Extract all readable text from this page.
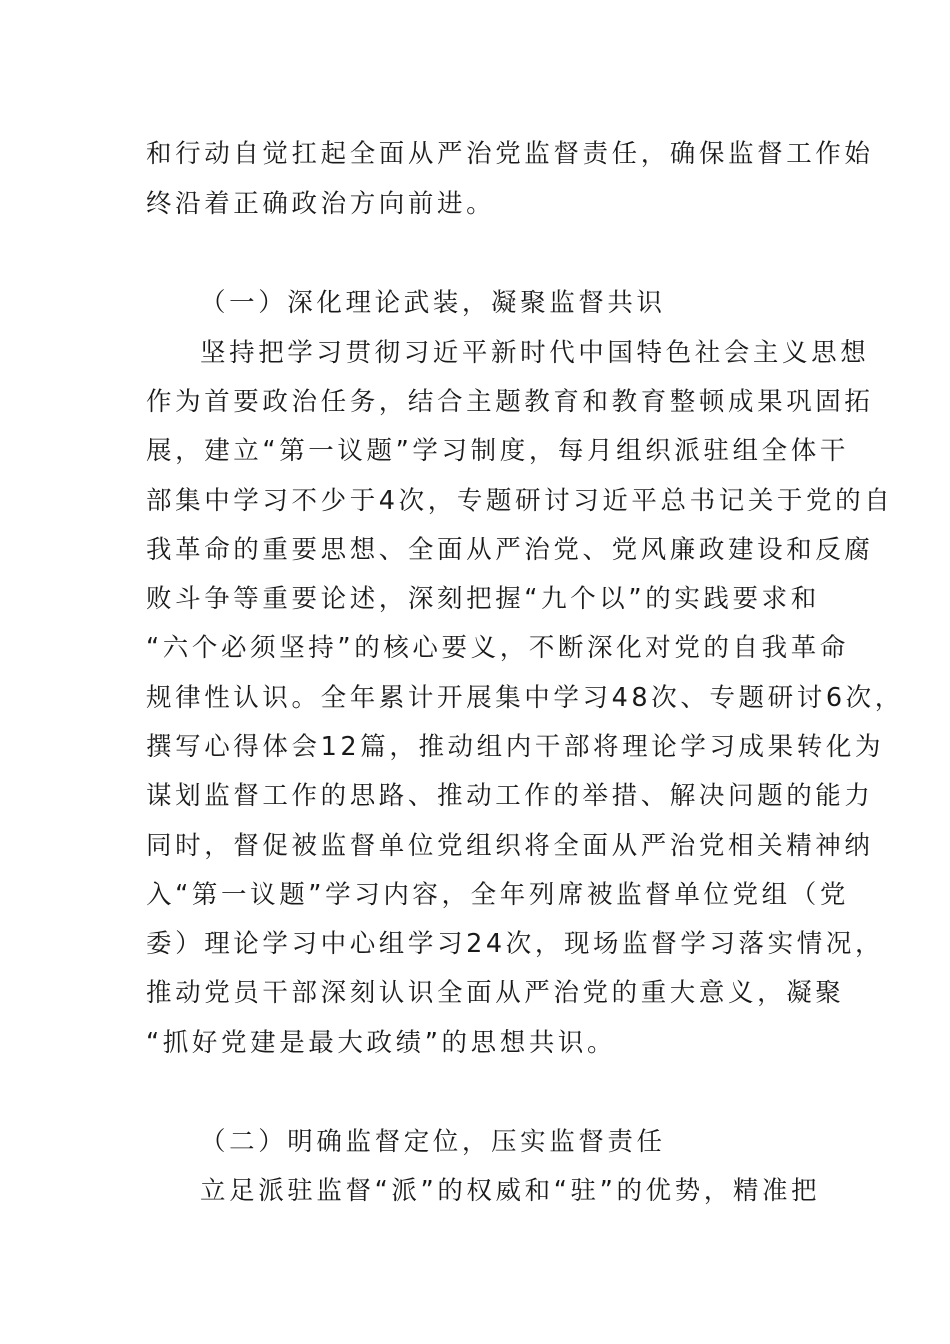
和行动自觉扛起全面从严治党监督责任，确保监督工作始
终沿着正确政治方向前进。
（一）深化理论武装，凝聚监督共识
坚持把学习贯彻习近平新时代中国特色社会主义思想
作为首要政治任务，结合主题教育和教育整顿成果巩固拓
展，建立“第一议题”学习制度，每月组织派驻组全体干
部集中学习不少于4次，专题研讨习近平总书记关于党的自
我革命的重要思想、全面从严治党、党风廉政建设和反腐
败斗争等重要论述，深刻把握“九个以”的实践要求和
“六个必须坚持”的核心要义，不断深化对党的自我革命
规律性认识。全年累计开展集中学习48次、专题研讨6次，
撰写心得体会12篇，推动组内干部将理论学习成果转化为
谋划监督工作的思路、推动工作的举措、解决问题的能力
同时，督促被监督单位党组织将全面从严治党相关精神纳
入“第一议题”学习内容，全年列席被监督单位党组（党
委）理论学习中心组学习24次，现场监督学习落实情况，
推动党员干部深刻认识全面从严治党的重大意义，凝聚
“抓好党建是最大政绩”的思想共识。
（二）明确监督定位，压实监督责任
立足派驻监督“派”的权威和“驻”的优势，精准把
